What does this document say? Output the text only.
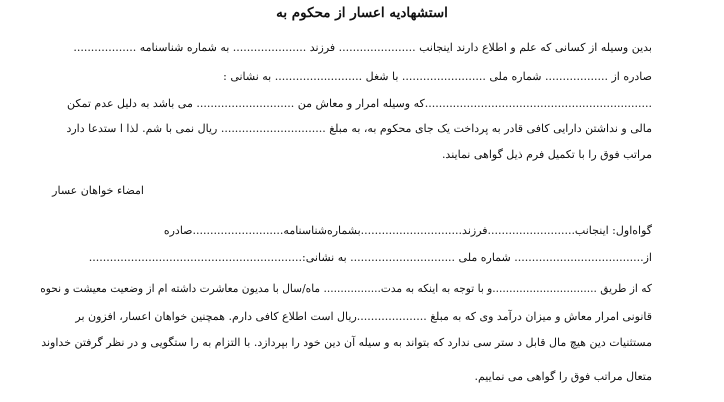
استشهادیه اعسار از محکوم به
بدین وسیله از کسانی که علم و اطلاع دارند اینجانب ...................... فرزند ..................... به شماره شناسنامه ..................
صادره از .................. شماره ملی ........................ با شغل ......................... به نشانی :
.................................................................که وسیله امرار و معاش من ............................ می باشد به دلیل عدم تمکن
مالی و نداشتن دارایی کافی قادر به پرداخت یک جای محکوم به، به مبلغ .............................. ریال نمی با شم. لذا ا ستدعا دارد
مراتب فوق را با تکمیل فرم ذیل گواهی نمایند.
امضاء خواهان عسار
گواه‌اول: اینجانب.........................فرزند.............................بشماره‌شناسنامه..........................صادره
از..................................... شماره ملی .............................. به نشانی:.............................................................
که از طریق ...............................و با توجه به اینکه به مدت................. ماه/سال با مدیون معاشرت داشته ام از وضعیت معیشت و نحوه
قانونی امرار معاش و میزان درآمد وی که به مبلغ ....................ریال است اطلاع کافی دارم. همچنین خواهان اعسار، افزون بر
مستثنیات دین هیچ مال قابل د ستر سی ندارد که بتواند به و سیله آن دین خود را بپردازد. با التزام به را ستگویی و در نظر گرفتن خداوند
متعال مراتب فوق را گواهی می نمایيم.
